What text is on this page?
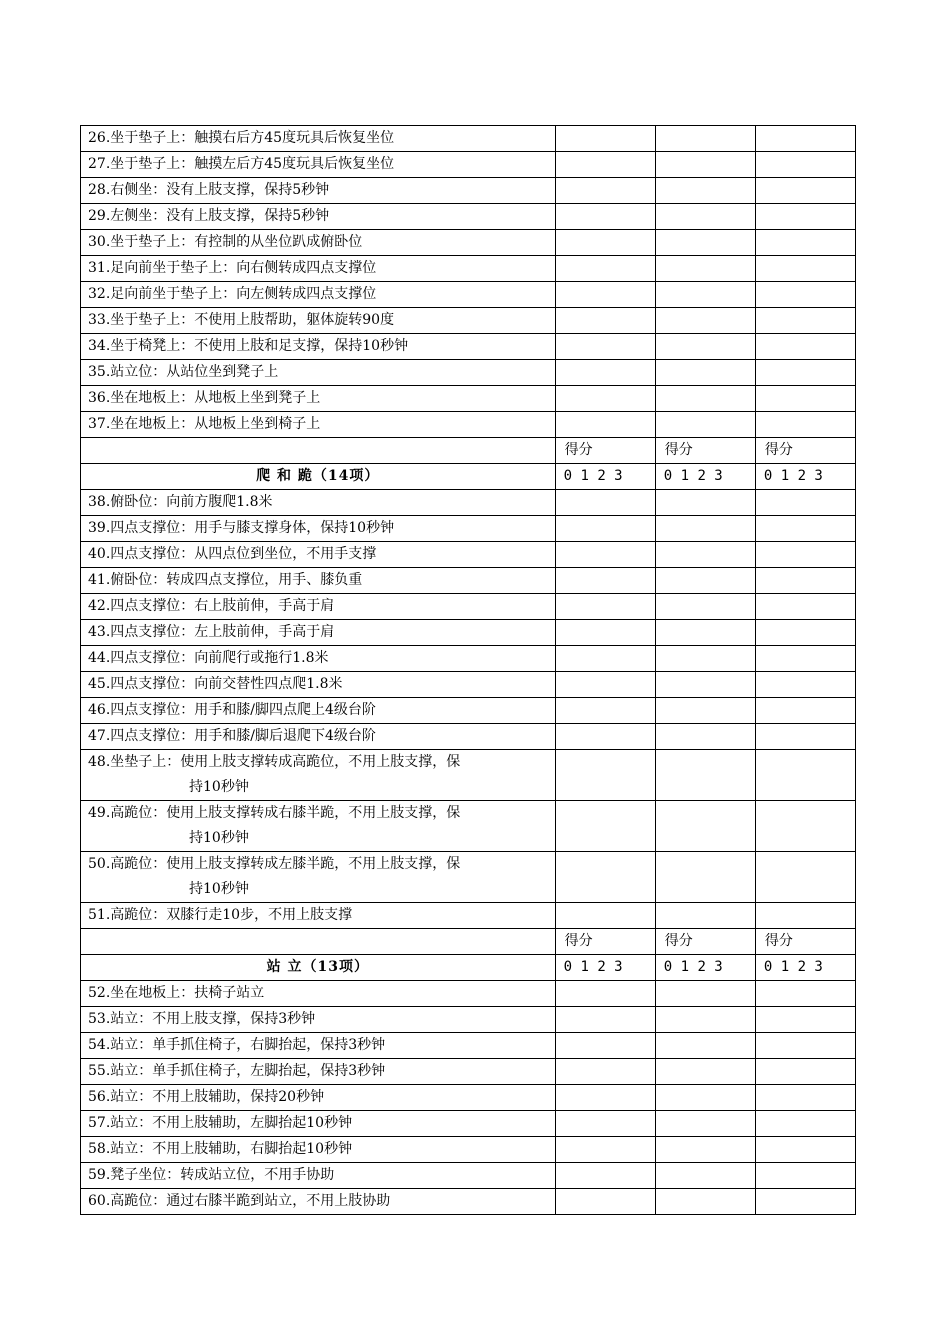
26.坐于垫子上：触摸右后方45度玩具后恢复坐位			
27.坐于垫子上：触摸左后方45度玩具后恢复坐位			
28.右侧坐：没有上肢支撑，保持5秒钟			
29.左侧坐：没有上肢支撑，保持5秒钟			
30.坐于垫子上：有控制的从坐位趴成俯卧位			
31.足向前坐于垫子上：向右侧转成四点支撑位			
32.足向前坐于垫子上：向左侧转成四点支撑位			
33.坐于垫子上：不使用上肢帮助，躯体旋转90度			
34.坐于椅凳上：不使用上肢和足支撑，保持10秒钟			
35.站立位：从站位坐到凳子上			
36.坐在地板上：从地板上坐到凳子上			
37.坐在地板上：从地板上坐到椅子上			
	得分	得分	得分
爬 和 跪（14项）	0 1 2 3	0 1 2 3	0 1 2 3
38.俯卧位：向前方腹爬1.8米			
39.四点支撑位：用手与膝支撑身体，保持10秒钟			
40.四点支撑位：从四点位到坐位，不用手支撑			
41.俯卧位：转成四点支撑位，用手、膝负重			
42.四点支撑位：右上肢前伸，手高于肩			
43.四点支撑位：左上肢前伸，手高于肩			
44.四点支撑位：向前爬行或拖行1.8米			
45.四点支撑位：向前交替性四点爬1.8米			
46.四点支撑位：用手和膝/脚四点爬上4级台阶			
47.四点支撑位：用手和膝/脚后退爬下4级台阶			

48.坐垫子上：使用上肢支撑转成高跪位，不用上肢支撑，保
持10秒钟			

49.高跪位：使用上肢支撑转成右膝半跪，不用上肢支撑，保
持10秒钟			

50.高跪位：使用上肢支撑转成左膝半跪，不用上肢支撑，保
持10秒钟			

51.高跪位：双膝行走10步，不用上肢支撑			
	得分	得分	得分
站 立（13项）	0 1 2 3	0 1 2 3	0 1 2 3
52.坐在地板上：扶椅子站立			
53.站立：不用上肢支撑，保持3秒钟			
54.站立：单手抓住椅子，右脚抬起，保持3秒钟			
55.站立：单手抓住椅子，左脚抬起，保持3秒钟			
56.站立：不用上肢辅助，保持20秒钟			
57.站立：不用上肢辅助，左脚抬起10秒钟			
58.站立：不用上肢辅助，右脚抬起10秒钟			
59.凳子坐位：转成站立位，不用手协助			
60.高跪位：通过右膝半跪到站立，不用上肢协助			
